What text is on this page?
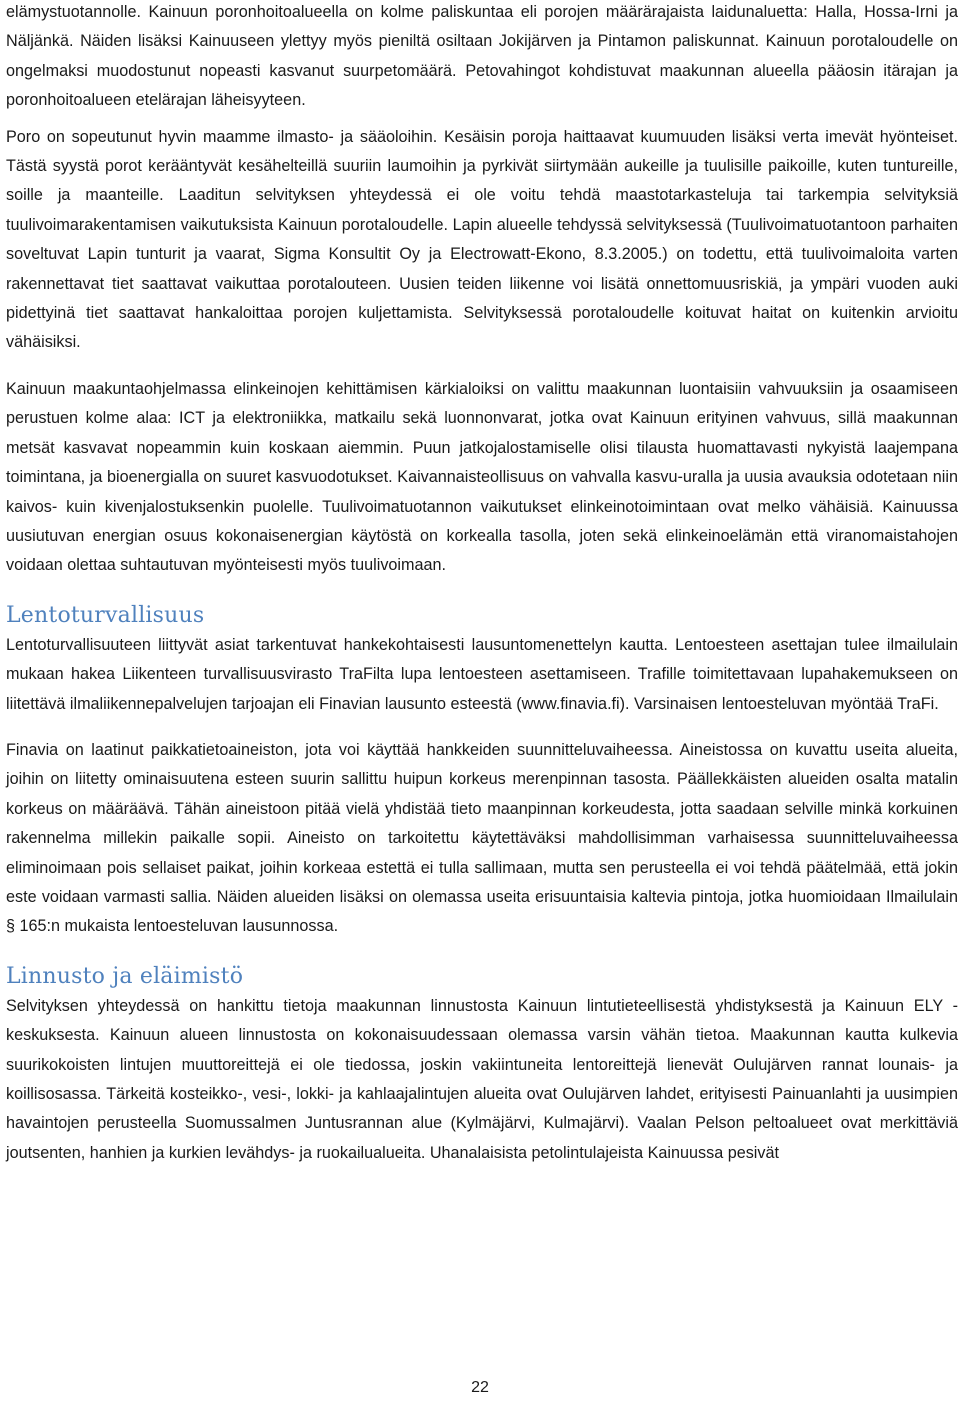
elämystuotannolle. Kainuun poronhoitoalueella on kolme paliskuntaa eli porojen määrärajaista laidunaluetta: Halla, Hossa-Irni ja Näljänkä. Näiden lisäksi Kainuuseen ylettyy myös pieniltä osiltaan Jokijärven ja Pintamon paliskunnat. Kainuun porotaloudelle on ongelmaksi muodostunut nopeasti kasvanut suurpetomäärä. Petovahingot kohdistuvat maakunnan alueella pääosin itärajan ja poronhoitoalueen etelärajan läheisyyteen.

Poro on sopeutunut hyvin maamme ilmasto- ja sääoloihin. Kesäisin poroja haittaavat kuumuuden lisäksi verta imevät hyönteiset. Tästä syystä porot kerääntyvät kesähelteillä suuriin laumoihin ja pyrkivät siirtymään aukeille ja tuulisille paikoille, kuten tuntureille, soille ja maanteille. Laaditun selvityksen yhteydessä ei ole voitu tehdä maastotarkasteluja tai tarkempia selvityksiä tuulivoimarakentamisen vaikutuksista Kainuun porotaloudelle. Lapin alueelle tehdyssä selvityksessä (Tuulivoimatuotantoon parhaiten soveltuvat Lapin tunturit ja vaarat, Sigma Konsultit Oy ja Electrowatt-Ekono, 8.3.2005.) on todettu, että tuulivoimaloita varten rakennettavat tiet saattavat vaikuttaa porotalouteen. Uusien teiden liikenne voi lisätä onnettomuusriskiä, ja ympäri vuoden auki pidettyinä tiet saattavat hankaloittaa porojen kuljettamista. Selvityksessä porotaloudelle koituvat haitat on kuitenkin arvioitu vähäisiksi.

Kainuun maakuntaohjelmassa elinkeinojen kehittämisen kärkialoiksi on valittu maakunnan luontaisiin vahvuuksiin ja osaamiseen perustuen kolme alaa: ICT ja elektroniikka, matkailu sekä luonnonvarat, jotka ovat Kainuun erityinen vahvuus, sillä maakunnan metsät kasvavat nopeammin kuin koskaan aiemmin. Puun jatkojalostamiselle olisi tilausta huomattavasti nykyistä laajempana toimintana, ja bioenergialla on suuret kasvuodotukset. Kaivannaisteollisuus on vahvalla kasvu-uralla ja uusia avauksia odotetaan niin kaivos- kuin kivenjalostuksenkin puolelle. Tuulivoimatuotannon vaikutukset elinkeinotoimintaan ovat melko vähäisiä. Kainuussa uusiutuvan energian osuus kokonaisenergian käytöstä on korkealla tasolla, joten sekä elinkeinoelämän että viranomaistahojen voidaan olettaa suhtautuvan myönteisesti myös tuulivoimaan.

Lentoturvallisuus

Lentoturvallisuuteen liittyvät asiat tarkentuvat hankekohtaisesti lausuntomenettelyn kautta. Lentoesteen asettajan tulee ilmailulain mukaan hakea Liikenteen turvallisuusvirasto TraFilta lupa lentoesteen asettamiseen. Trafille toimitettavaan lupahakemukseen on liitettävä ilmaliikennepalvelujen tarjoajan eli Finavian lausunto esteestä (www.finavia.fi). Varsinaisen lentoesteluvan myöntää TraFi.

Finavia on laatinut paikkatietoaineiston, jota voi käyttää hankkeiden suunnitteluvaiheessa. Aineistossa on kuvattu useita alueita, joihin on liitetty ominaisuutena esteen suurin sallittu huipun korkeus merenpinnan tasosta. Päällekkäisten alueiden osalta matalin korkeus on määräävä. Tähän aineistoon pitää vielä yhdistää tieto maanpinnan korkeudesta, jotta saadaan selville minkä korkuinen rakennelma millekin paikalle sopii. Aineisto on tarkoitettu käytettäväksi mahdollisimman varhaisessa suunnitteluvaiheessa eliminoimaan pois sellaiset paikat, joihin korkeaa estettä ei tulla sallimaan, mutta sen perusteella ei voi tehdä päätelmää, että jokin este voidaan varmasti sallia. Näiden alueiden lisäksi on olemassa useita erisuuntaisia kaltevia pintoja, jotka huomioidaan Ilmailulain § 165:n mukaista lentoesteluvan lausunnossa.

Linnusto ja eläimistö

Selvityksen yhteydessä on hankittu tietoja maakunnan linnustosta Kainuun lintutieteellisestä yhdistyksestä ja Kainuun ELY -keskuksesta. Kainuun alueen linnustosta on kokonaisuudessaan olemassa varsin vähän tietoa. Maakunnan kautta kulkevia suurikokoisten lintujen muuttoreittejä ei ole tiedossa, joskin vakiintuneita lentoreittejä lienevät Oulujärven rannat lounais- ja koillisosassa. Tärkeitä kosteikko-, vesi-, lokki- ja kahlaajalintujen alueita ovat Oulujärven lahdet, erityisesti Painuanlahti ja uusimpien havaintojen perusteella Suomussalmen Juntusrannan alue (Kylmäjärvi, Kulmajärvi). Vaalan Pelson peltoalueet ovat merkittäviä joutsenten, hanhien ja kurkien levähdys- ja ruokailualueita. Uhanalaisista petolintulajeista Kainuussa pesivät

22
